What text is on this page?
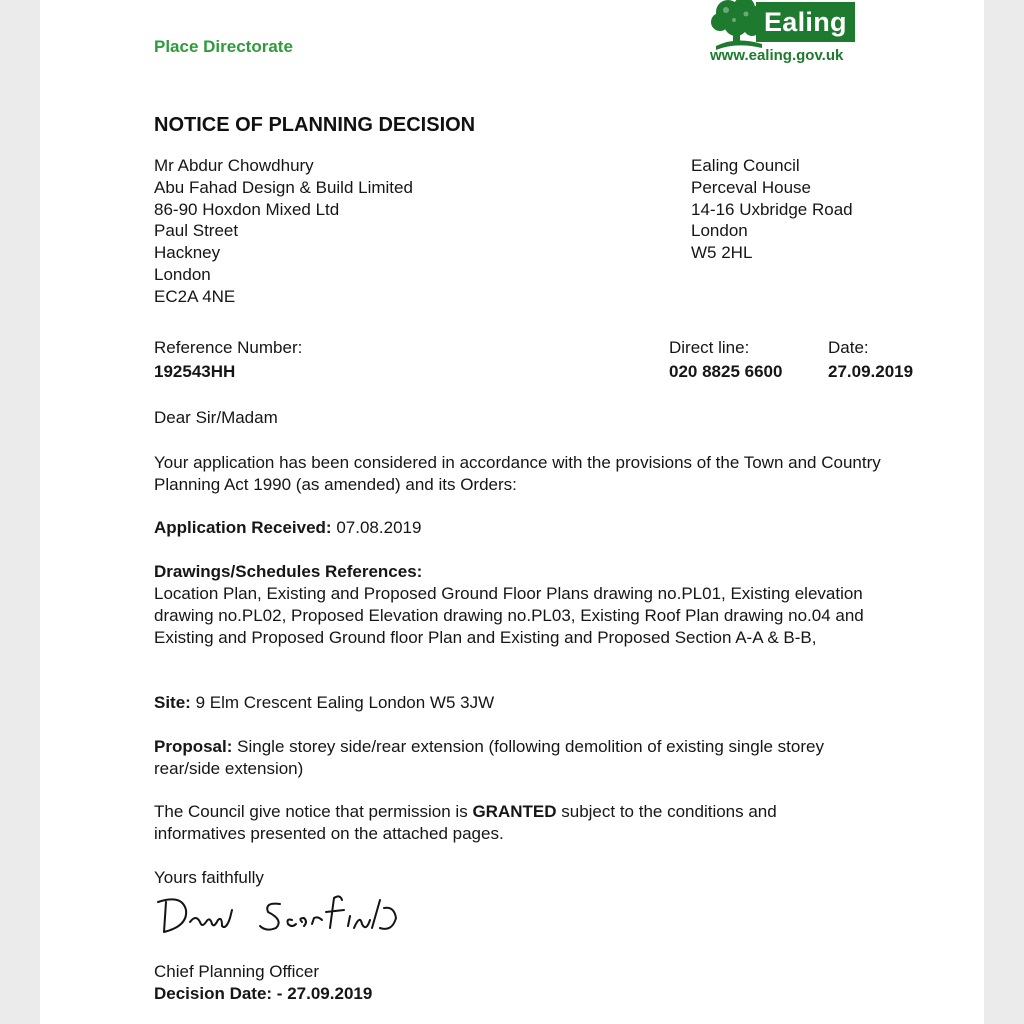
Place Directorate

Ealing

www.ealing.gov.uk

NOTICE OF PLANNING DECISION

Mr Abdur Chowdhury
Abu Fahad Design & Build Limited
86-90 Hoxdon Mixed Ltd
Paul Street
Hackney
London
EC2A 4NE
Ealing Council
Perceval House
14-16 Uxbridge Road
London
W5 2HL

Reference Number:

192543HH

Direct line:

020 8825 6600

Date:

27.09.2019

Dear Sir/Madam

Your application has been considered in accordance with the provisions of the Town and Country Planning Act 1990 (as amended) and its Orders:

Application Received: 07.08.2019

Drawings/Schedules References:
Location Plan, Existing and Proposed Ground Floor Plans drawing no.PL01, Existing elevation drawing no.PL02, Proposed Elevation drawing no.PL03, Existing Roof Plan drawing no.04 and Existing and Proposed Ground floor Plan and Existing and Proposed Section A-A & B-B,

Site: 9 Elm Crescent Ealing London W5 3JW

Proposal: Single storey side/rear extension (following demolition of existing single storey rear/side extension)

The Council give notice that permission is GRANTED subject to the conditions and informatives presented on the attached pages.

Yours faithfully

Chief Planning Officer

Decision Date: - 27.09.2019
